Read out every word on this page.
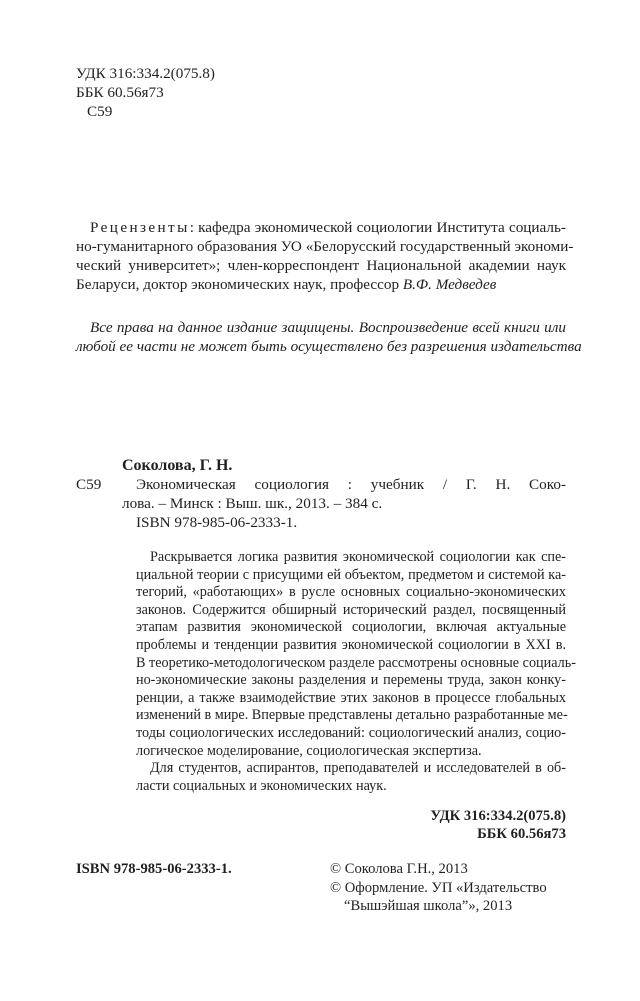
УДК 316:334.2(075.8)
ББК 60.56я73
С59
Рецензенты: кафедра экономической социологии Института социаль-
но-гуманитарного образования УО «Белорусский государственный экономи-
ческий университет»; член-корреспондент Национальной академии наук
Беларуси, доктор экономических наук, профессор В.Ф. Медведев
Все права на данное издание защищены. Воспроизведение всей книги или
любой ее части не может быть осуществлено без разрешения издательства
Соколова, Г. Н.
С59	Экономическая социология : учебник / Г. Н. Соко-
лова. – Минск : Выш. шк., 2013. – 384 с.
ISBN 978-985-06-2333-1.
Раскрывается логика развития экономической социологии как спе-
циальной теории с присущими ей объектом, предметом и системой ка-
тегорий, «работающих» в русле основных социально-экономических
законов. Содержится обширный исторический раздел, посвященный
этапам развития экономической социологии, включая актуальные
проблемы и тенденции развития экономической социологии в XXI в.
В теоретико-методологическом разделе рассмотрены основные социаль-
но-экономические законы разделения и перемены труда, закон конку-
ренции, а также взаимодействие этих законов в процессе глобальных
изменений в мире. Впервые представлены детально разработанные ме-
тоды социологических исследований: социологический анализ, социо-
логическое моделирование, социологическая экспертиза.
Для студентов, аспирантов, преподавателей и исследователей в об-
ласти социальных и экономических наук.
УДК 316:334.2(075.8)
ББК 60.56я73
ISBN 978-985-06-2333-1.	© Соколова Г.Н., 2013
© Оформление. УП «Издательство
“Вышэйшая школа”», 2013
